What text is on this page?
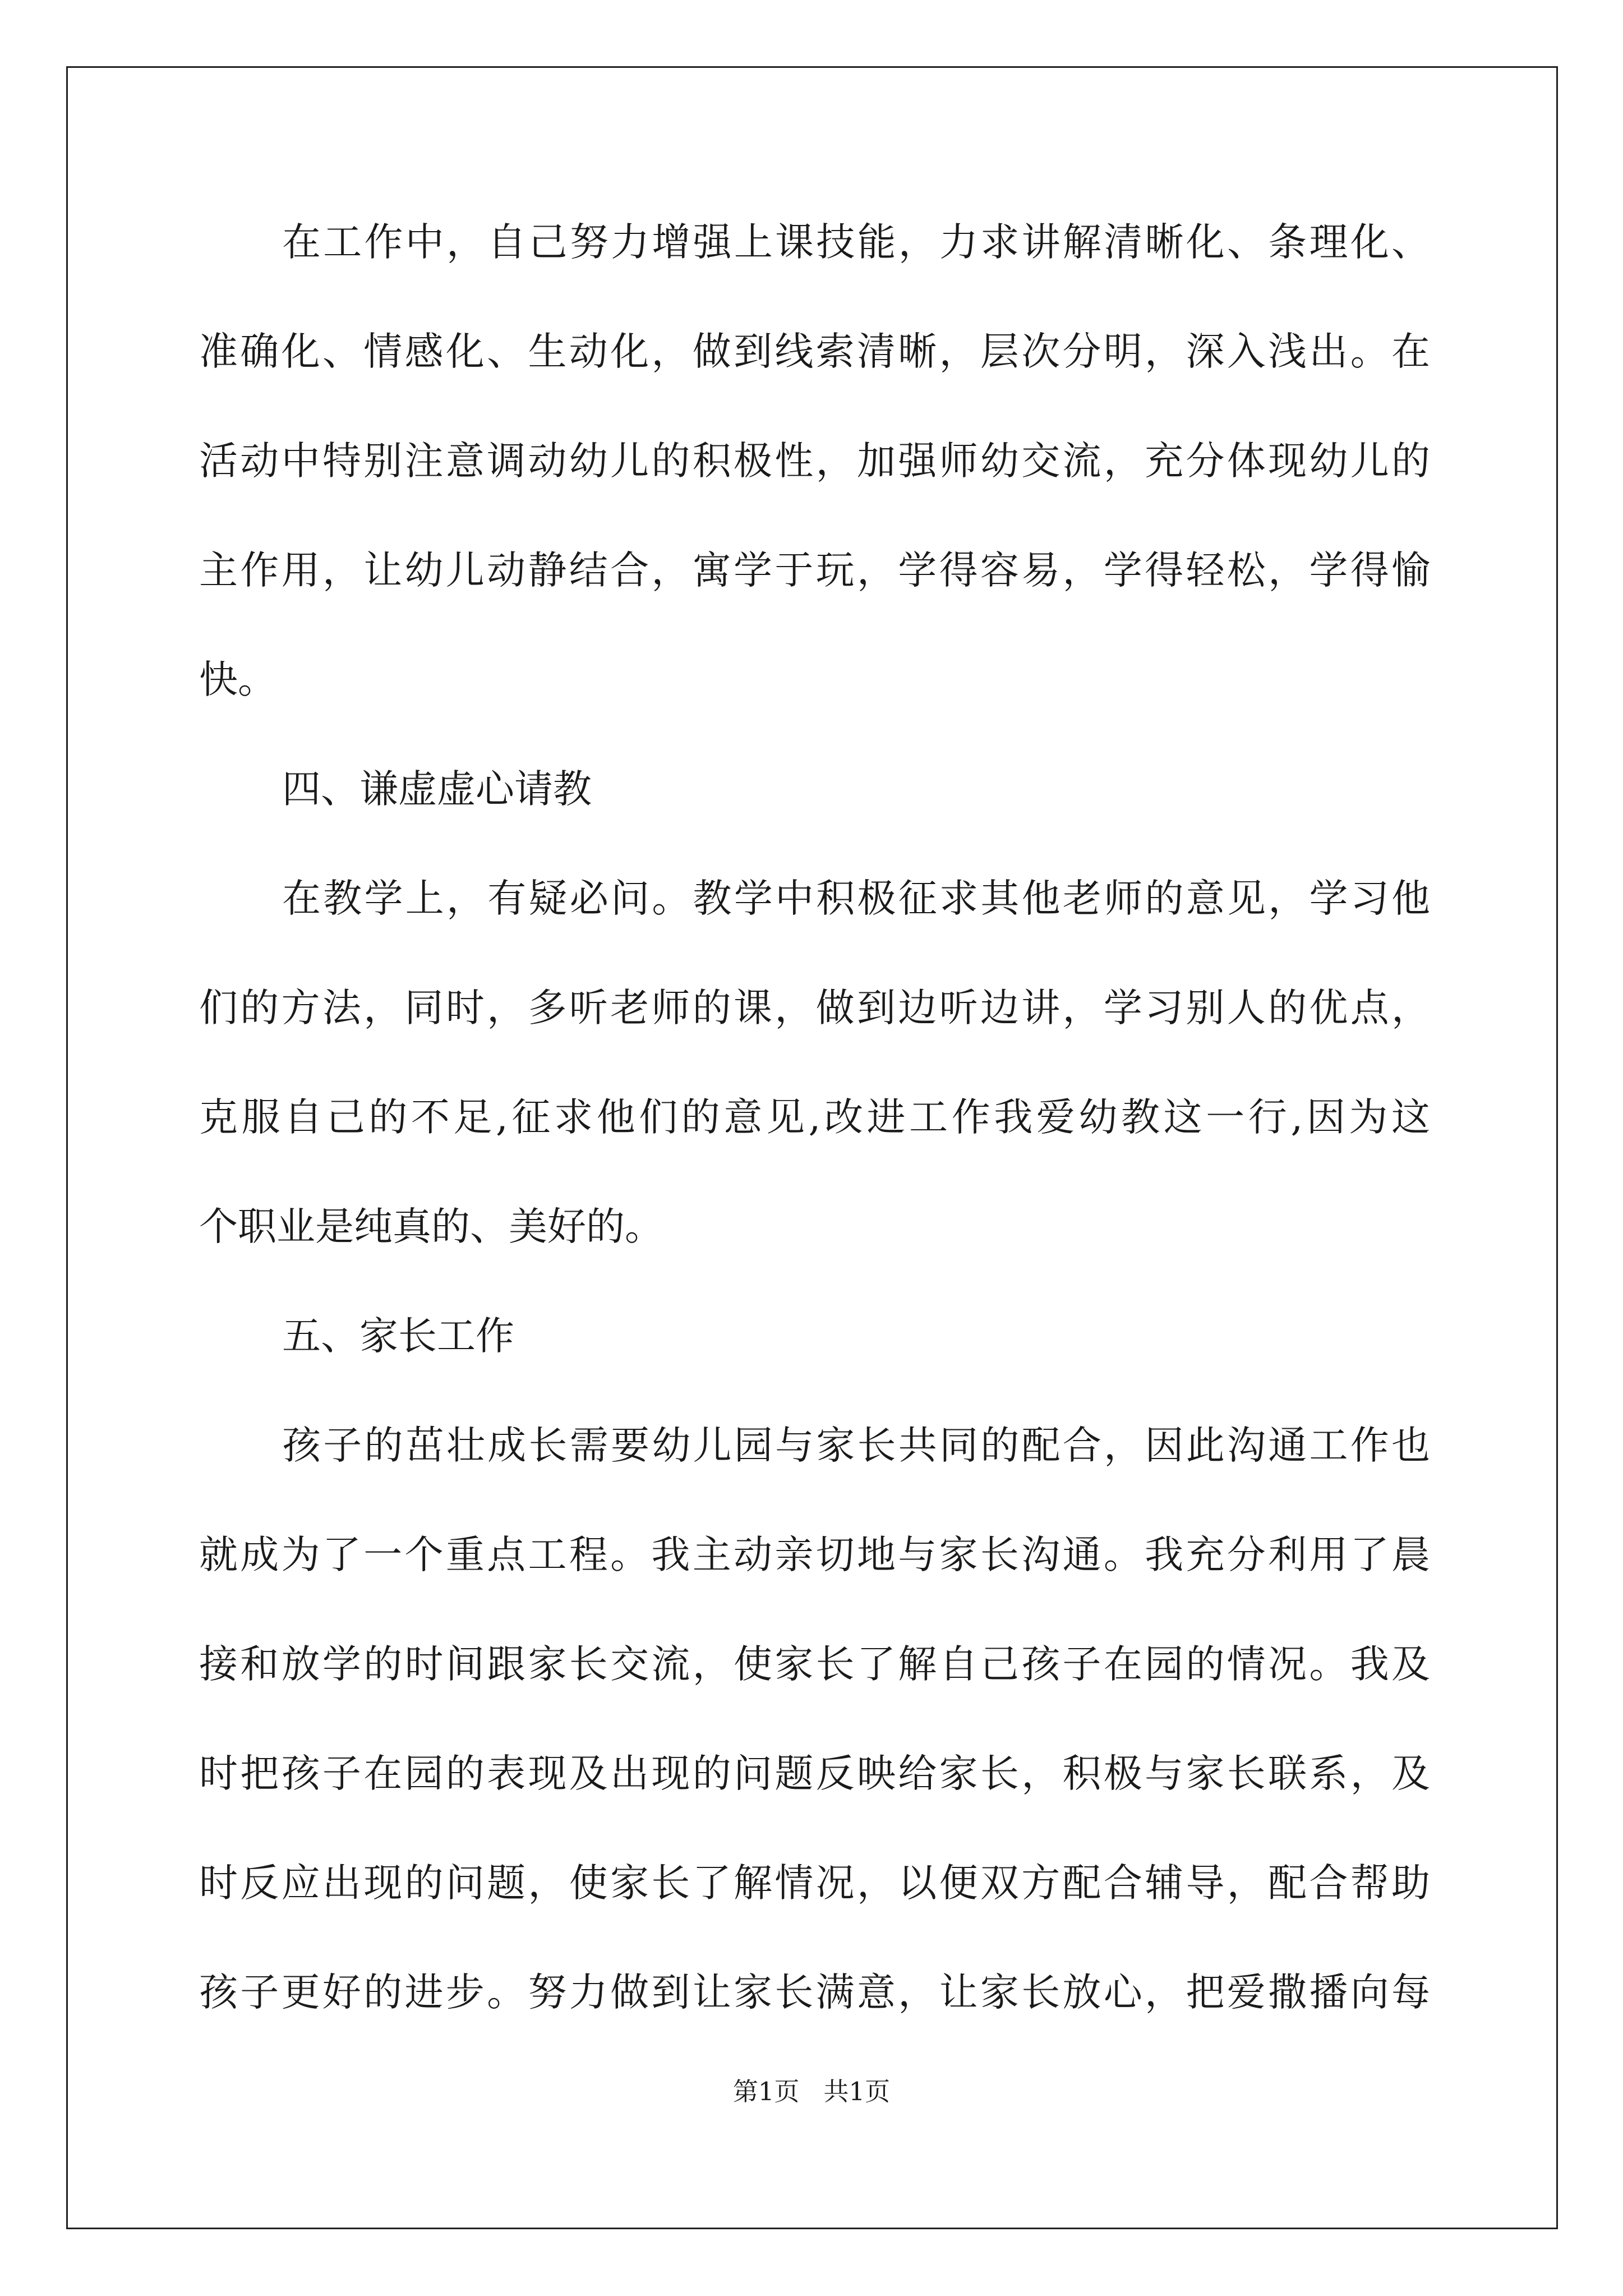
在工作中，自己努力增强上课技能，力求讲解清晰化、条理化、
准确化、情感化、生动化，做到线索清晰，层次分明，深入浅出。在
活动中特别注意调动幼儿的积极性，加强师幼交流，充分体现幼儿的
主作用，让幼儿动静结合，寓学于玩，学得容易，学得轻松，学得愉
快。
四、谦虚虚心请教
在教学上，有疑必问。教学中积极征求其他老师的意见，学习他
们的方法，同时，多听老师的课，做到边听边讲，学习别人的优点，
克服自己的不足,征求他们的意见,改进工作我爱幼教这一行,因为这
个职业是纯真的、美好的。
五、家长工作
孩子的茁壮成长需要幼儿园与家长共同的配合，因此沟通工作也
就成为了一个重点工程。我主动亲切地与家长沟通。我充分利用了晨
接和放学的时间跟家长交流，使家长了解自己孩子在园的情况。我及
时把孩子在园的表现及出现的问题反映给家长，积极与家长联系，及
时反应出现的问题，使家长了解情况，以便双方配合辅导，配合帮助
孩子更好的进步。努力做到让家长满意，让家长放心，把爱撒播向每
第1页   共1页
